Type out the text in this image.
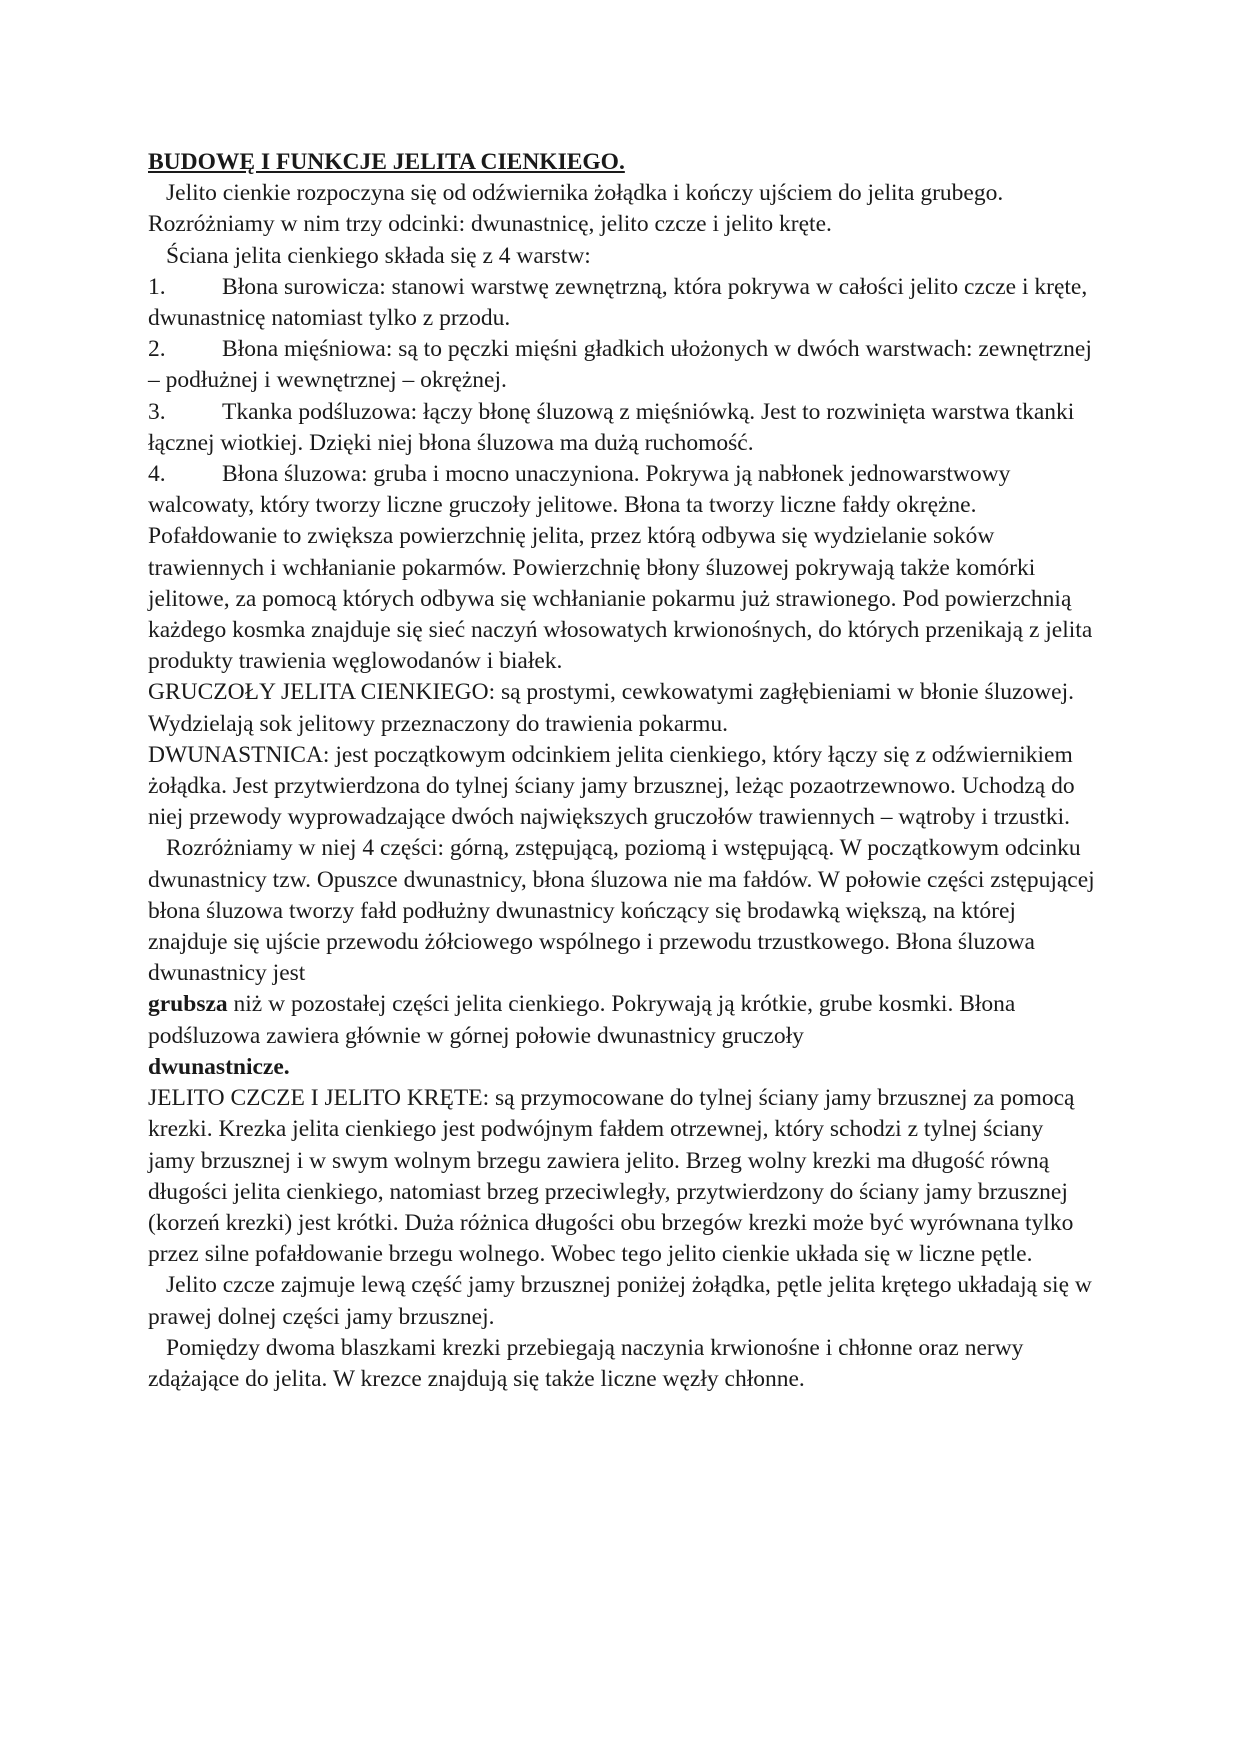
BUDOWĘ I FUNKCJE JELITA CIENKIEGO.

Jelito cienkie rozpoczyna się od odźwiernika żołądka i kończy ujściem do jelita grubego. Rozróżniamy w nim trzy odcinki: dwunastnicę, jelito czcze i jelito kręte.

Ściana jelita cienkiego składa się z 4 warstw:

1. Błona surowicza: stanowi warstwę zewnętrzną, która pokrywa w całości jelito czcze i kręte, dwunastnicę natomiast tylko z przodu.

2. Błona mięśniowa: są to pęczki mięśni gładkich ułożonych w dwóch warstwach: zewnętrznej – podłużnej i wewnętrznej – okrężnej.

3. Tkanka podśluzowa: łączy błonę śluzową z mięśniówką. Jest to rozwinięta warstwa tkanki łącznej wiotkiej. Dzięki niej błona śluzowa ma dużą ruchomość.

4. Błona śluzowa: gruba i mocno unaczyniona. Pokrywa ją nabłonek jednowarstwowy walcowaty, który tworzy liczne gruczoły jelitowe. Błona ta tworzy liczne fałdy okrężne. Pofałdowanie to zwiększa powierzchnię jelita, przez którą odbywa się wydzielanie soków trawiennych i wchłanianie pokarmów. Powierzchnię błony śluzowej pokrywają także komórki jelitowe, za pomocą których odbywa się wchłanianie pokarmu już strawionego. Pod powierzchnią każdego kosmka znajduje się sieć naczyń włosowatych krwionośnych, do których przenikają z jelita produkty trawienia węglowodanów i białek.

GRUCZOŁY JELITA CIENKIEGO: są prostymi, cewkowatymi zagłębieniami w błonie śluzowej. Wydzielają sok jelitowy przeznaczony do trawienia pokarmu.

DWUNASTNICA: jest początkowym odcinkiem jelita cienkiego, który łączy się z odźwiernikiem żołądka. Jest przytwierdzona do tylnej ściany jamy brzusznej, leżąc pozaotrzewnowo. Uchodzą do niej przewody wyprowadzające dwóch największych gruczołów trawiennych – wątroby i trzustki.

Rozróżniamy w niej 4 części: górną, zstępującą, poziomą i wstępującą. W początkowym odcinku dwunastnicy tzw. Opuszce dwunastnicy, błona śluzowa nie ma fałdów. W połowie części zstępującej błona śluzowa tworzy fałd podłużny dwunastnicy kończący się brodawką większą, na której znajduje się ujście przewodu żółciowego wspólnego i przewodu trzustkowego. Błona śluzowa dwunastnicy jest
grubsza niż w pozostałej części jelita cienkiego. Pokrywają ją krótkie, grube kosmki. Błona podśluzowa zawiera głównie w górnej połowie dwunastnicy gruczoły
dwunastnicze.

JELITO CZCZE I JELITO KRĘTE: są przymocowane do tylnej ściany jamy brzusznej za pomocą krezki. Krezka jelita cienkiego jest podwójnym fałdem otrzewnej, który schodzi z tylnej ściany jamy brzusznej i w swym wolnym brzegu zawiera jelito. Brzeg wolny krezki ma długość równą długości jelita cienkiego, natomiast brzeg przeciwległy, przytwierdzony do ściany jamy brzusznej (korzeń krezki) jest krótki. Duża różnica długości obu brzegów krezki może być wyrównana tylko przez silne pofałdowanie brzegu wolnego. Wobec tego jelito cienkie układa się w liczne pętle.

Jelito czcze zajmuje lewą część jamy brzusznej poniżej żołądka, pętle jelita krętego układają się w prawej dolnej części jamy brzusznej.

Pomiędzy dwoma blaszkami krezki przebiegają naczynia krwionośne i chłonne oraz nerwy zdążające do jelita. W krezce znajdują się także liczne węzły chłonne.
